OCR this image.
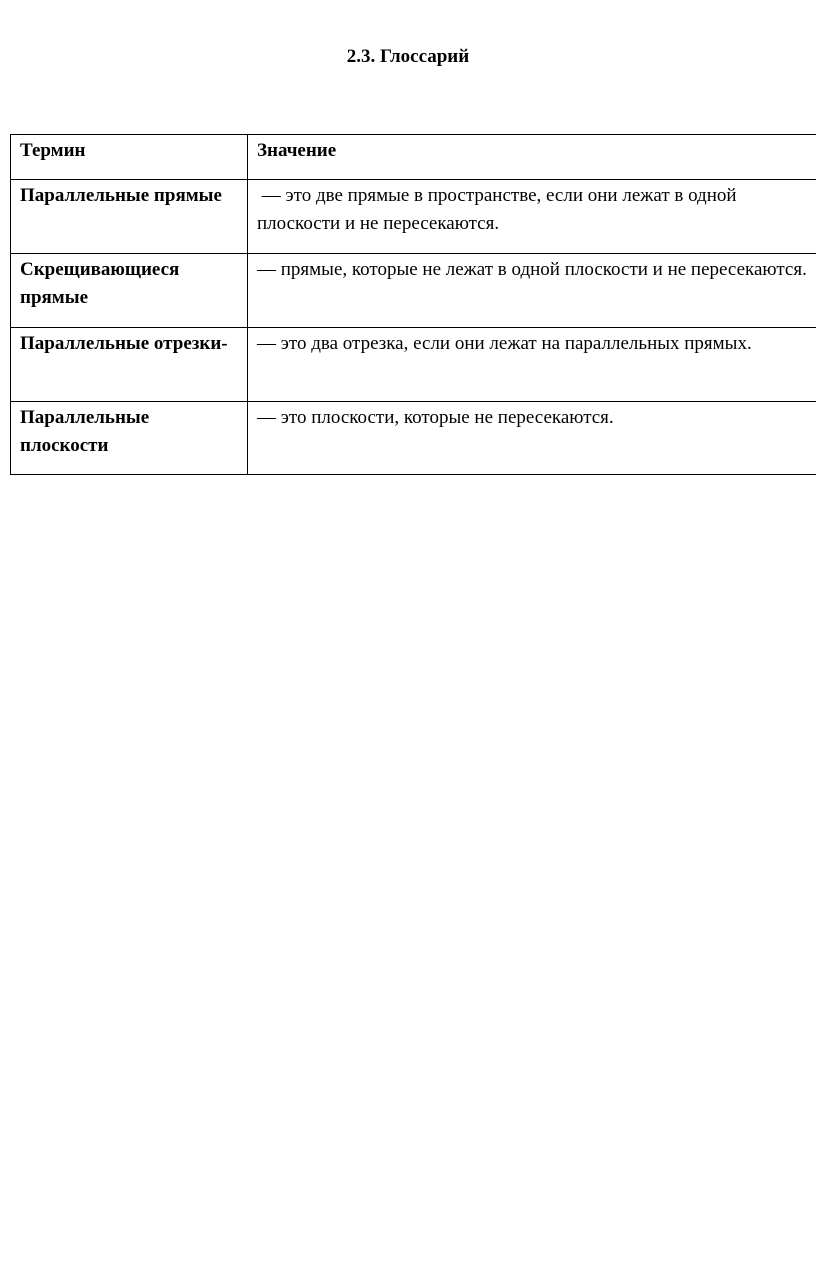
2.3. Глоссарий
Термин	Значение
Параллельные прямые	— это две прямые в пространстве, если они лежат в одной плоскости и не пересекаются.
Скрещивающиеся прямые	— прямые, которые не лежат в одной плоскости и не пересекаются.
Параллельные отрезки-	— это два отрезка, если они лежат на параллельных прямых.
Параллельные плоскости	— это плоскости, которые не пересекаются.
